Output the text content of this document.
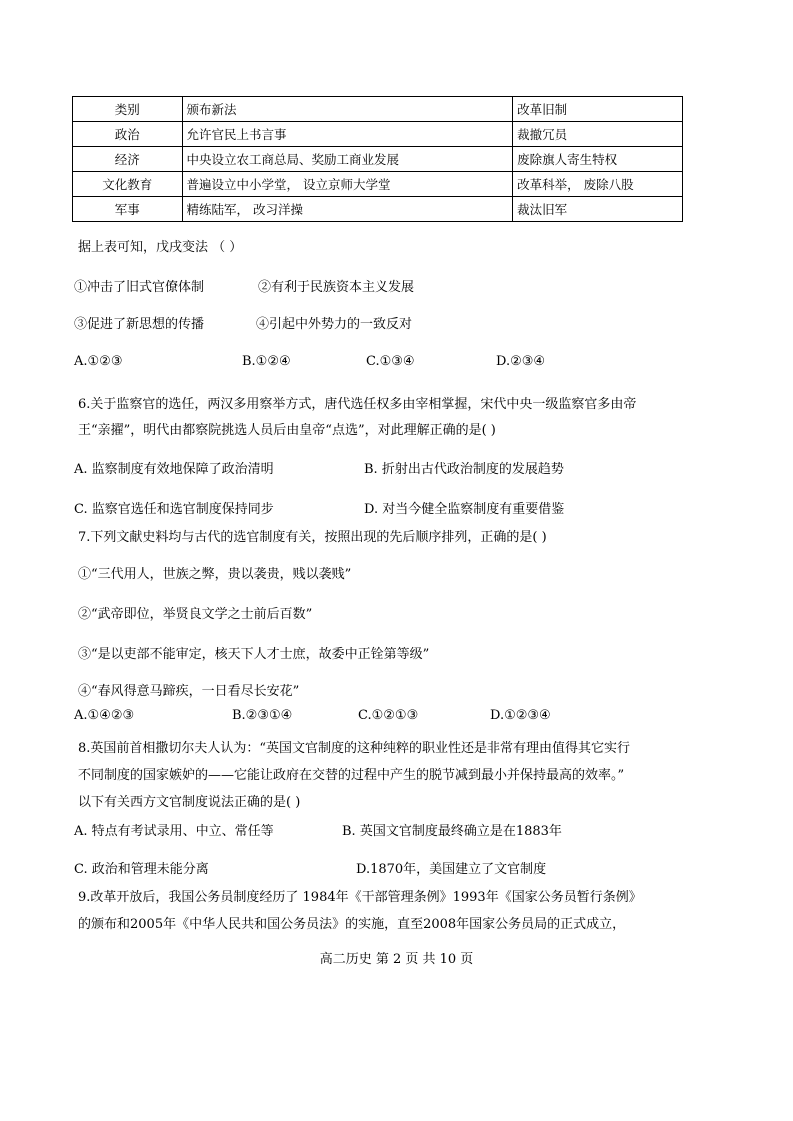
类别	颁布新法	改革旧制
政治	允许官民上书言事	裁撤冗员
经济	中央设立农工商总局、奖励工商业发展	废除旗人寄生特权
文化教育	普遍设立中小学堂， 设立京师大学堂	改革科举， 废除八股
军事	精练陆军， 改习洋操	裁汰旧军
据上表可知，戊戌变法 （ ）
①冲击了旧式官僚体制	②有利于民族资本主义发展
③促进了新思想的传播	④引起中外势力的一致反对
A.①②③	B.①②④	C.①③④	D.②③④
6.关于监察官的选任，两汉多用察举方式，唐代选任权多由宰相掌握，宋代中央一级监察官多由帝
王“亲擢”，明代由都察院挑选人员后由皇帝“点选”，对此理解正确的是( )
A. 监察制度有效地保障了政治清明	B. 折射出古代政治制度的发展趋势
C. 监察官选任和选官制度保持同步	D. 对当今健全监察制度有重要借鉴
7.下列文献史料均与古代的选官制度有关，按照出现的先后顺序排列，正确的是( )
①“三代用人，世族之弊，贵以袭贵，贱以袭贱”
②“武帝即位，举贤良文学之士前后百数”
③“是以吏部不能审定，核天下人才士庶，故委中正铨第等级”
④“春风得意马蹄疾，一日看尽长安花”
A.①④②③	B.②③①④	C.①②①③	D.①②③④
8.英国前首相撒切尔夫人认为：“英国文官制度的这种纯粹的职业性还是非常有理由值得其它实行
不同制度的国家嫉妒的——它能让政府在交替的过程中产生的脱节减到最小并保持最高的效率。”
以下有关西方文官制度说法正确的是( )
A. 特点有考试录用、中立、常任等	B. 英国文官制度最终确立是在1883年
C. 政治和管理未能分离	D.1870年，美国建立了文官制度
9.改革开放后，我国公务员制度经历了 1984年《干部管理条例》1993年《国家公务员暂行条例》
的颁布和2005年《中华人民共和国公务员法》的实施，直至2008年国家公务员局的正式成立，
高二历史 第 2 页 共 10 页
